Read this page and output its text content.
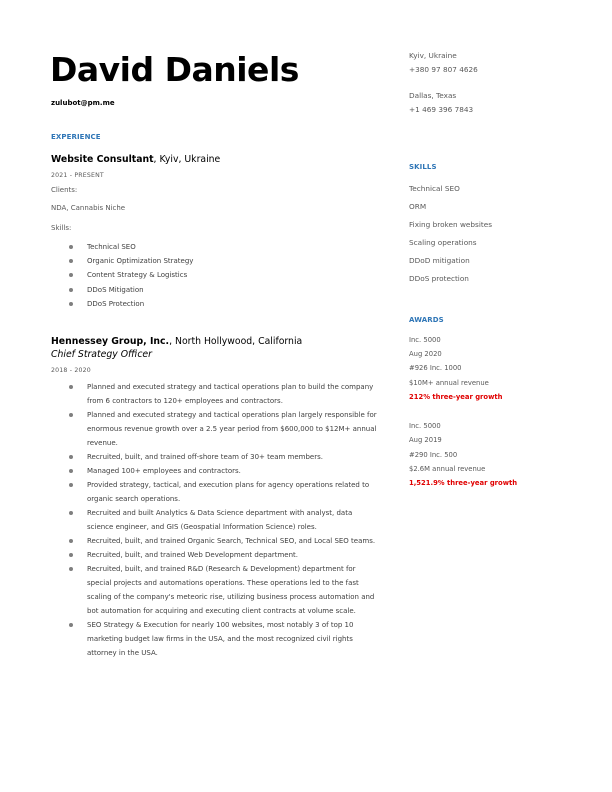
David Daniels
zulubot@pm.me
Kyiv, Ukraine
+380 97 807 4626
Dallas, Texas
+1 469 396 7843
EXPERIENCE
Website Consultant, Kyiv, Ukraine
2021 - PRESENT
Clients:
NDA, Cannabis Niche
Skills:
Technical SEO
Organic Optimization Strategy
Content Strategy & Logistics
DDoS Mitigation
DDoS Protection
Hennessey Group, Inc., North Hollywood, California
Chief Strategy Officer
2018 - 2020
Planned and executed strategy and tactical operations plan to build the company from 6 contractors to 120+ employees and contractors.
Planned and executed strategy and tactical operations plan largely responsible for enormous revenue growth over a 2.5 year period from $600,000 to $12M+ annual revenue.
Recruited, built, and trained off-shore team of 30+ team members.
Managed 100+ employees and contractors.
Provided strategy, tactical, and execution plans for agency operations related to organic search operations.
Recruited and built Analytics & Data Science department with analyst, data science engineer, and GIS (Geospatial Information Science) roles.
Recruited, built, and trained Organic Search, Technical SEO, and Local SEO teams.
Recruited, built, and trained Web Development department.
Recruited, built, and trained R&D (Research & Development) department for special projects and automations operations. These operations led to the fast scaling of the company's meteoric rise, utilizing business process automation and bot automation for acquiring and executing client contracts at volume scale.
SEO Strategy & Execution for nearly 100 websites, most notably 3 of top 10 marketing budget law firms in the USA, and the most recognized civil rights attorney in the USA.
SKILLS
Technical SEO
ORM
Fixing broken websites
Scaling operations
DDoD mitigation
DDoS protection
AWARDS
Inc. 5000
Aug 2020
#926 Inc. 1000
$10M+ annual revenue
212% three-year growth
Inc. 5000
Aug 2019
#290 Inc. 500
$2.6M annual revenue
1,521.9% three-year growth
